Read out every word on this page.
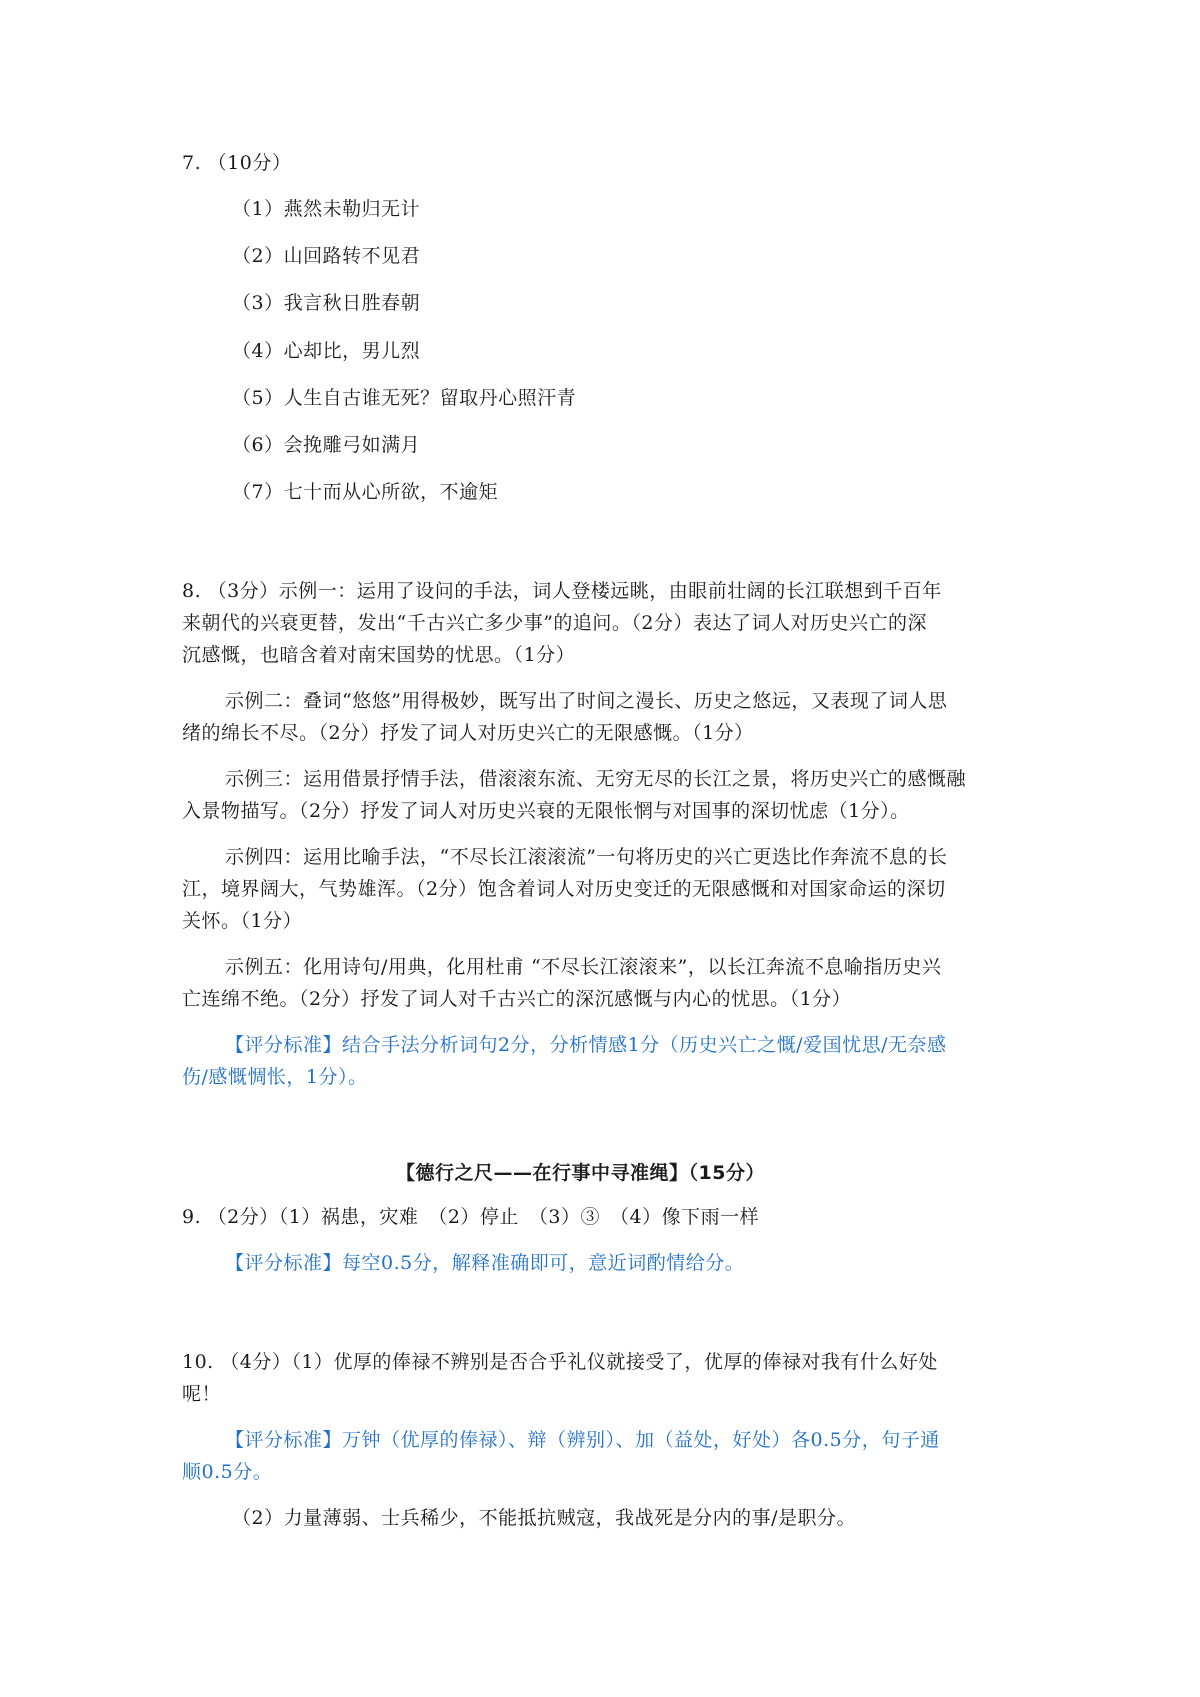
7. （10分）
（1）燕然未勒归无计
（2）山回路转不见君
（3）我言秋日胜春朝
（4）心却比，男儿烈
（5）人生自古谁无死？留取丹心照汗青
（6）会挽雕弓如满月
（7）七十而从心所欲，不逾矩
8. （3分）示例一：运用了设问的手法，词人登楼远眺，由眼前壮阔的长江联想到千百年
来朝代的兴衰更替，发出“千古兴亡多少事”的追问。（2分）表达了词人对历史兴亡的深
沉感慨，也暗含着对南宋国势的忧思。（1分）
示例二：叠词“悠悠”用得极妙，既写出了时间之漫长、历史之悠远，又表现了词人思
绪的绵长不尽。（2分）抒发了词人对历史兴亡的无限感慨。（1分）
示例三：运用借景抒情手法，借滚滚东流、无穷无尽的长江之景，将历史兴亡的感慨融
入景物描写。（2分）抒发了词人对历史兴衰的无限怅惘与对国事的深切忧虑（1分）。
示例四：运用比喻手法，“不尽长江滚滚流”一句将历史的兴亡更迭比作奔流不息的长
江，境界阔大，气势雄浑。（2分）饱含着词人对历史变迁的无限感慨和对国家命运的深切
关怀。（1分）
示例五：化用诗句/用典，化用杜甫 “不尽长江滚滚来”，以长江奔流不息喻指历史兴
亡连绵不绝。（2分）抒发了词人对千古兴亡的深沉感慨与内心的忧思。（1分）
【评分标准】结合手法分析词句2分，分析情感1分（历史兴亡之慨/爱国忧思/无奈感
伤/感慨惆怅，1分）。
【德行之尺——在行事中寻准绳】（15分）
9. （2分）（1）祸患，灾难　（2）停止　（3）③　（4）像下雨一样
【评分标准】每空0.5分，解释准确即可，意近词酌情给分。
10. （4分）（1）优厚的俸禄不辨别是否合乎礼仪就接受了，优厚的俸禄对我有什么好处
呢！
【评分标准】万钟（优厚的俸禄）、辩（辨别）、加（益处，好处）各0.5分，句子通
顺0.5分。
（2）力量薄弱、士兵稀少，不能抵抗贼寇，我战死是分内的事/是职分。
